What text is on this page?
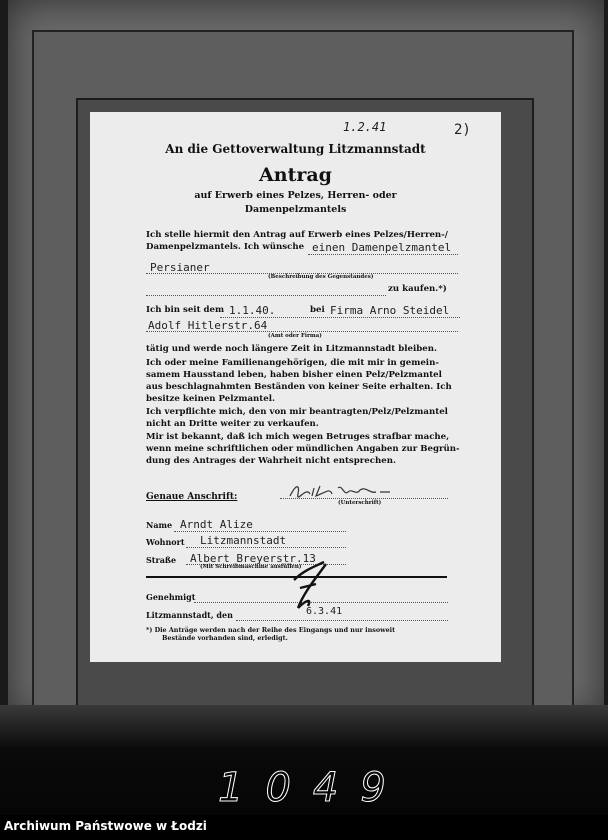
1.2.41	2)
An die Gettoverwaltung Litzmannstadt
Antrag
auf Erwerb eines Pelzes, Herren- oder
Damenpelzmantels
Ich stelle hiermit den Antrag auf Erwerb eines Pelzes/Herren-/
Damenpelzmantels. Ich wünsche einen Damenpelzmantel
Persianer
(Beschreibung des Gegenstandes)
zu kaufen.*)
Ich bin seit dem 1.1.40.	bei Firma Arno Steidel
Adolf Hitlerstr.64
(Amt oder Firma)
tätig und werde noch längere Zeit in Litzmannstadt bleiben.
Ich oder meine Familienangehörigen, die mit mir in gemein-
samem Hausstand leben, haben bisher einen Pelz/Pelzmantel
aus beschlagnahmten Beständen von keiner Seite erhalten. Ich
besitze keinen Pelzmantel.
Ich verpflichte mich, den von mir beantragten/Pelz/Pelzmantel
nicht an Dritte weiter zu verkaufen.
Mir ist bekannt, daß ich mich wegen Betruges strafbar mache,
wenn meine schriftlichen oder mündlichen Angaben zur Begrün-
dung des Antrages der Wahrheit nicht entsprechen.
Genaue Anschrift:
(Unterschrift)
Name Arndt Alize
Wohnort Litzmannstadt
Straße Albert Breyerstr.13
(Mit Schreibmaschine ausfüllen)
Genehmigt
Litzmannstadt, den	6.3.41
*) Die Anträge werden nach der Reihe des Eingangs und nur insoweit
Bestände vorhanden sind, erledigt.
1049
Archiwum Państwowe w Łodzi
